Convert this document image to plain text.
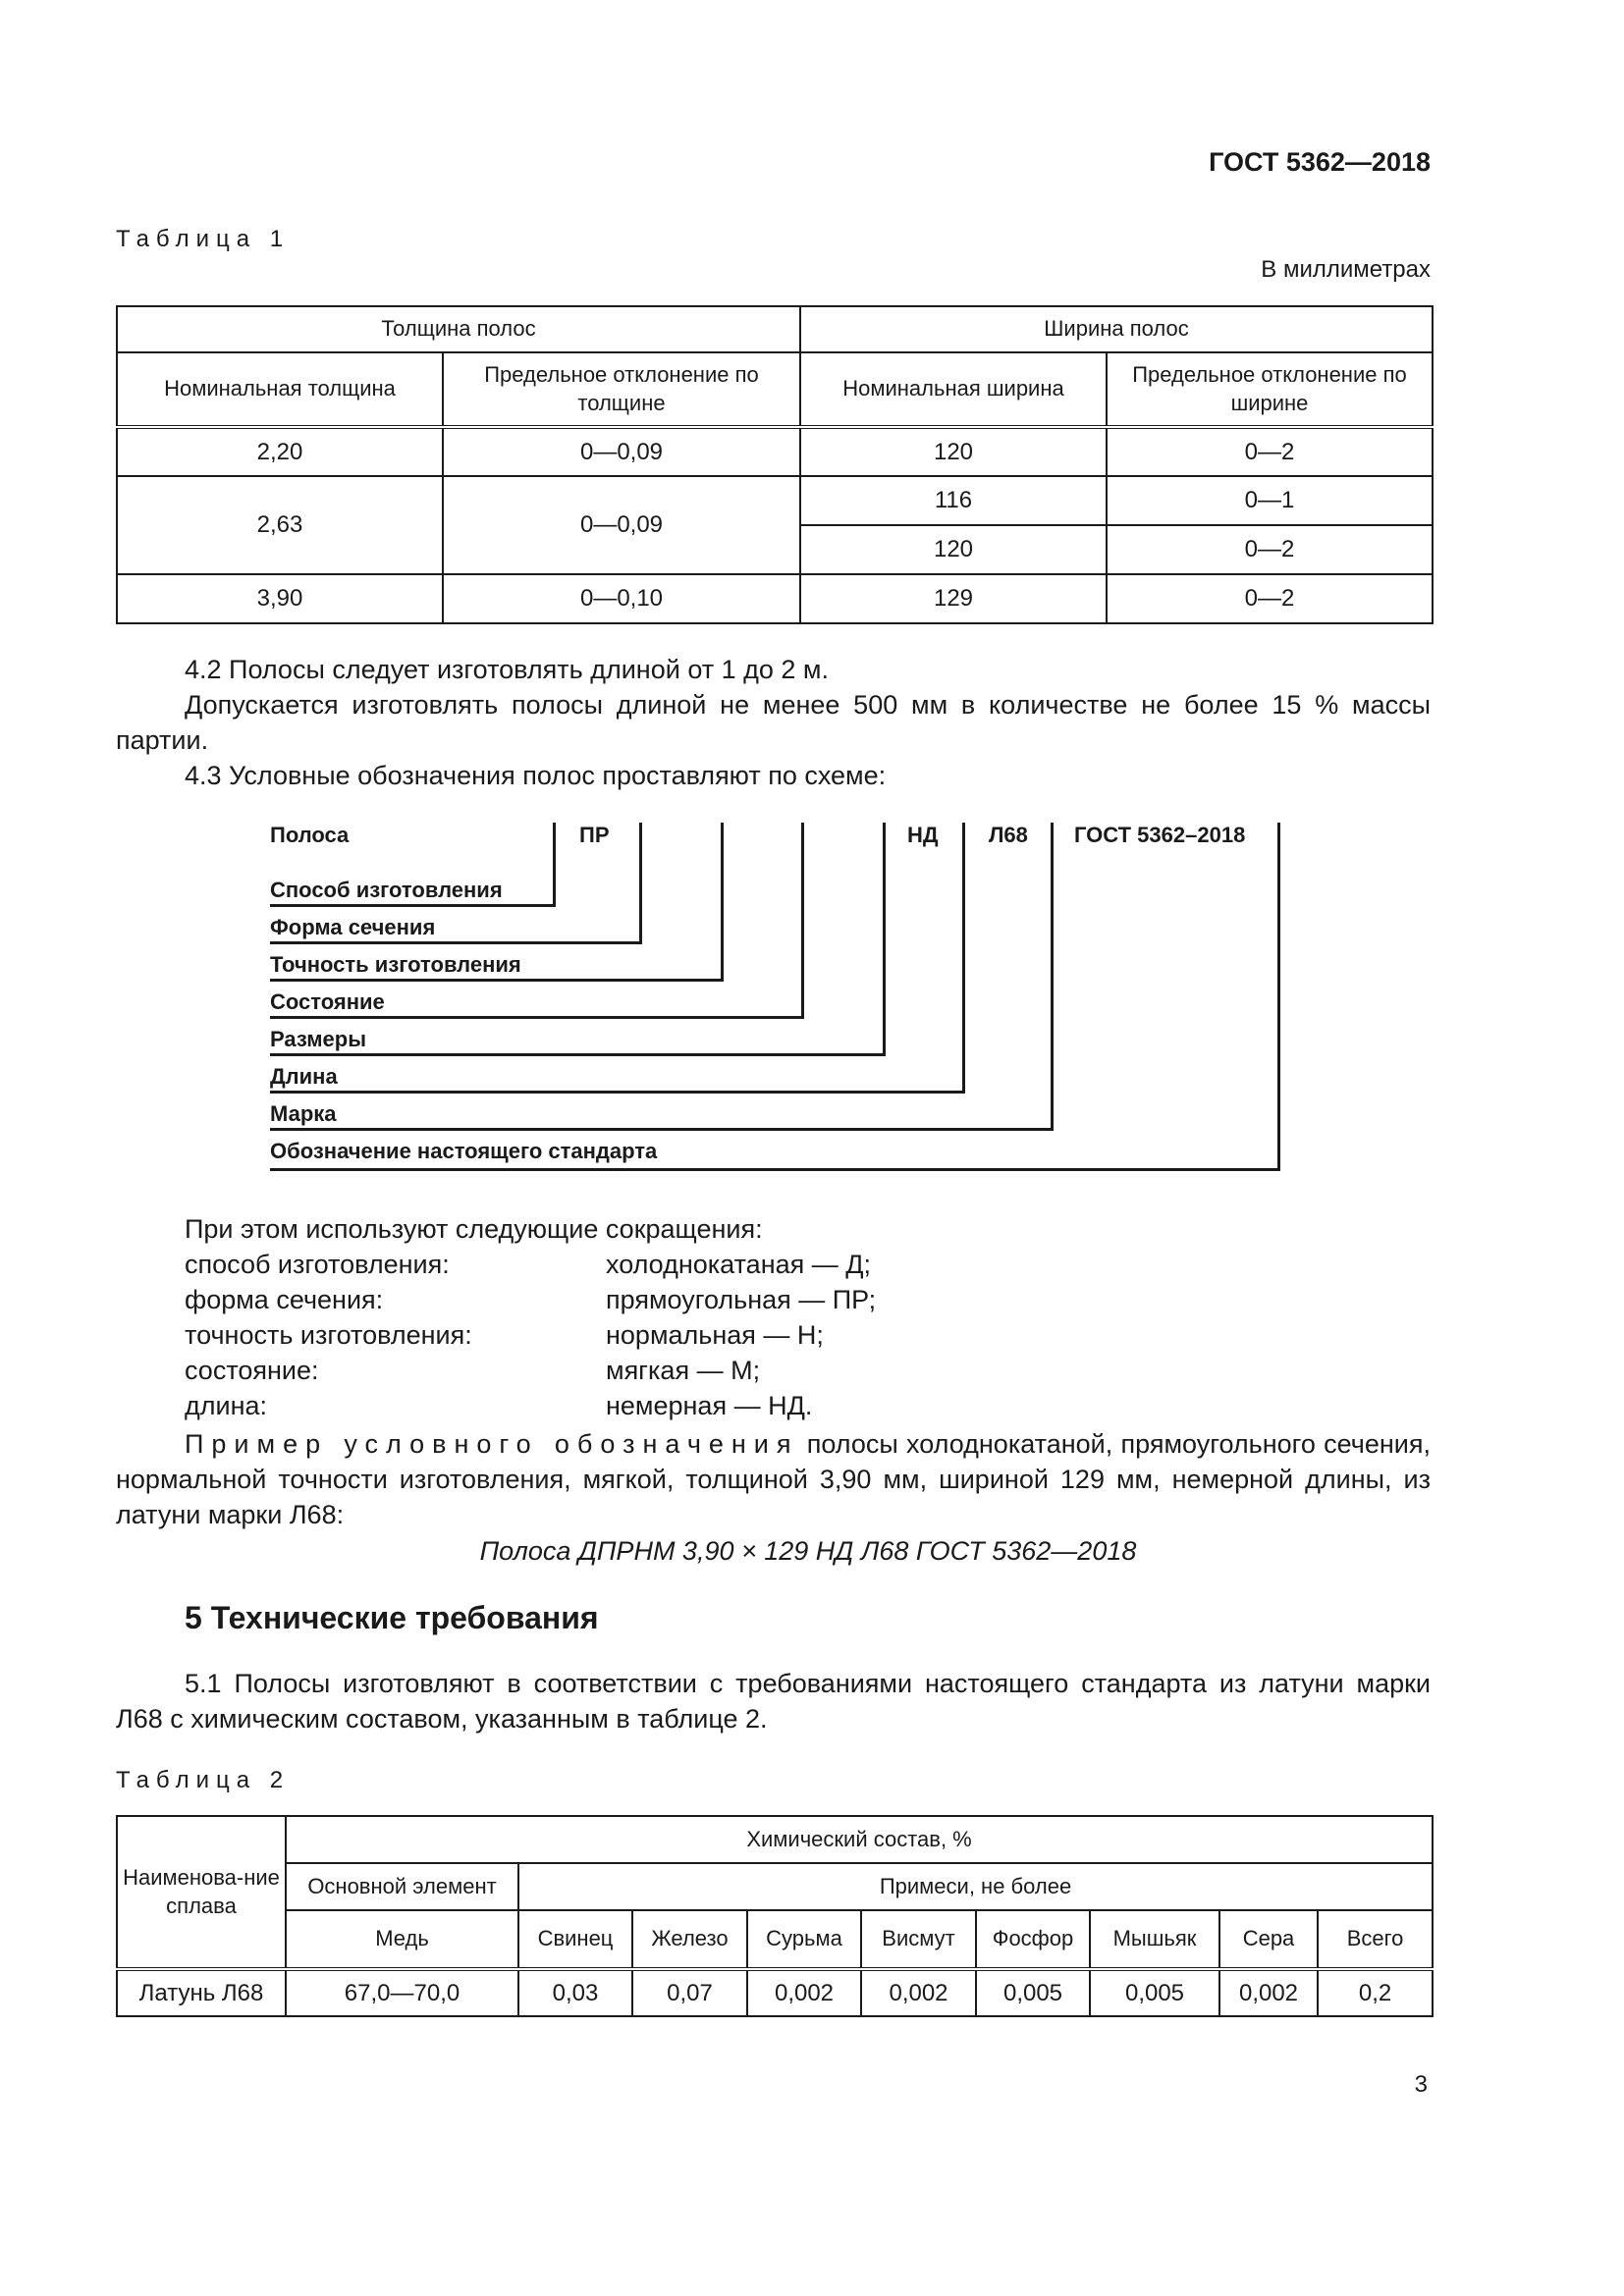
ГОСТ 5362—2018
Таблица 1
В миллиметрах
Толщина полос		Ширина полос	
Номинальная толщина	Предельное отклонение по толщине	Номинальная ширина	Предельное отклонение по ширине
2,20	0—0,09	120	0—2
2,63	0—0,09	116	0—1
		120	0—2
3,90	0—0,10	129	0—2
4.2 Полосы следует изготовлять длиной от 1 до 2 м.
Допускается изготовлять полосы длиной не менее 500 мм в количестве не более 15 % массы
партии.
4.3 Условные обозначения полос проставляют по схеме:
Полоса	ПР	НД Л68 ГОСТ 5362–2018
Способ изготовления
Форма сечения
Точность изготовления
Состояние
Размеры
Длина
Марка
Обозначение настоящего стандарта
При этом используют следующие сокращения:
способ изготовления:	холоднокатаная — Д;
форма сечения:	прямоугольная — ПР;
точность изготовления:	нормальная — Н;
состояние:	мягкая — М;
длина:	немерная — НД.
Пример условного обозначения полосы холоднокатаной, прямоугольного сечения,
нормальной точности изготовления, мягкой, толщиной 3,90 мм, шириной 129 мм, немерной длины, из
латуни марки Л68:
Полоса ДПРНМ 3,90 × 129 НД Л68 ГОСТ 5362—2018
5 Технические требования
5.1 Полосы изготовляют в соответствии с требованиями настоящего стандарта из латуни марки
Л68 с химическим составом, указанным в таблице 2.
Таблица 2
Наименова-ние сплава	Химический состав, %								
	Основной элемент	Примеси, не более							
	Медь	Свинец	Железо	Сурьма	Висмут	Фосфор	Мышьяк	Сера	Всего
Латунь Л68	67,0—70,0	0,03	0,07	0,002	0,002	0,005	0,005	0,002	0,2
3
